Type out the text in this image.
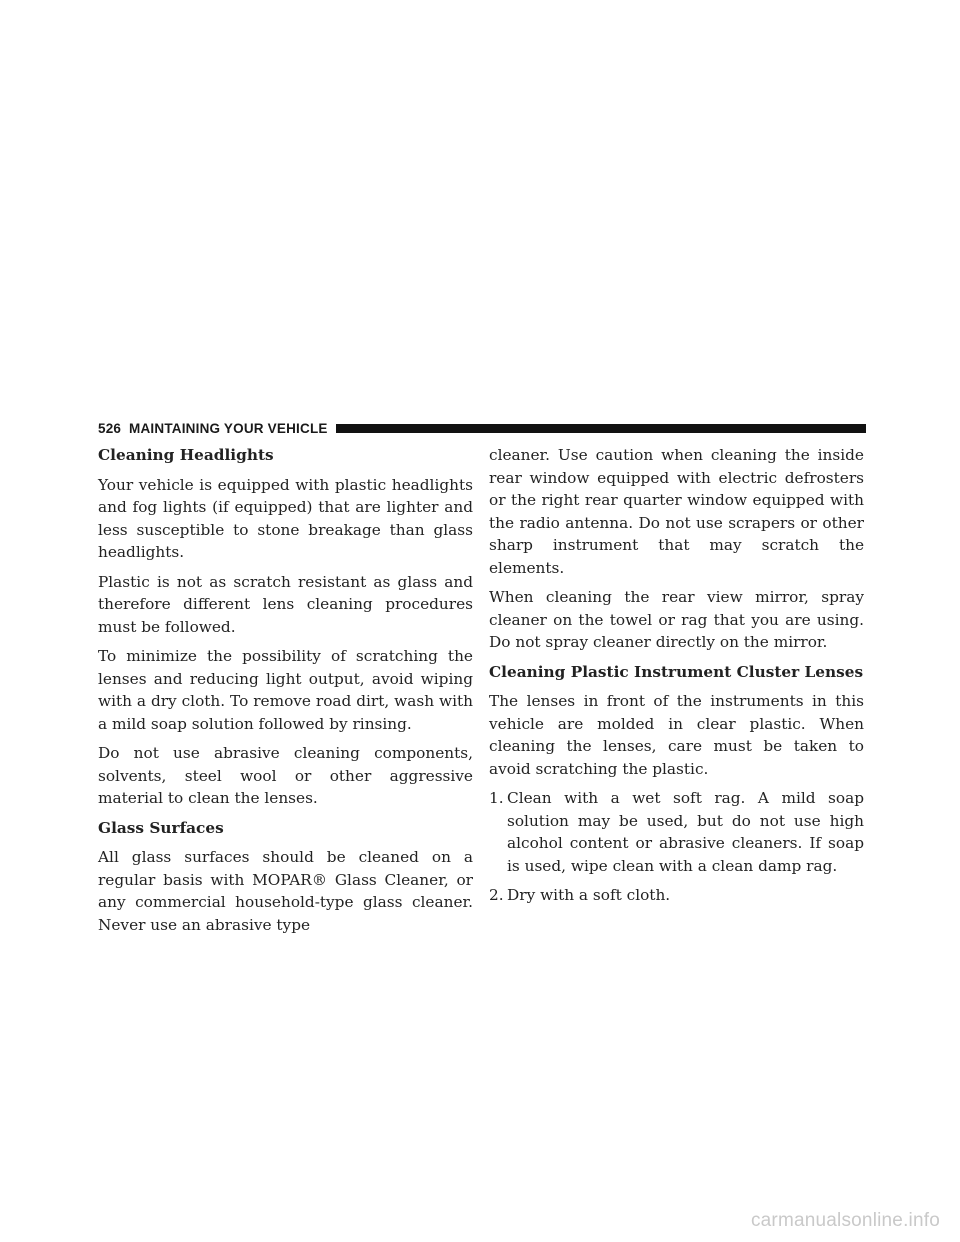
526 MAINTAINING YOUR VEHICLE
Cleaning Headlights

Your vehicle is equipped with plastic headlights and fog lights (if equipped) that are lighter and less susceptible to stone breakage than glass headlights.

Plastic is not as scratch resistant as glass and therefore different lens cleaning procedures must be followed.

To minimize the possibility of scratching the lenses and reducing light output, avoid wiping with a dry cloth. To remove road dirt, wash with a mild soap solution followed by rinsing.

Do not use abrasive cleaning components, solvents, steel wool or other aggressive material to clean the lenses.

Glass Surfaces

All glass surfaces should be cleaned on a regular basis with MOPAR® Glass Cleaner, or any commercial household-type glass cleaner. Never use an abrasive type

cleaner. Use caution when cleaning the inside rear window equipped with electric defrosters or the right rear quarter window equipped with the radio antenna. Do not use scrapers or other sharp instrument that may scratch the elements.

When cleaning the rear view mirror, spray cleaner on the towel or rag that you are using. Do not spray cleaner directly on the mirror.

Cleaning Plastic Instrument Cluster Lenses

The lenses in front of the instruments in this vehicle are molded in clear plastic. When cleaning the lenses, care must be taken to avoid scratching the plastic.

1. Clean with a wet soft rag. A mild soap solution may be used, but do not use high alcohol content or abrasive cleaners. If soap is used, wipe clean with a clean damp rag.
2. Dry with a soft cloth.
carmanualsonline.info
